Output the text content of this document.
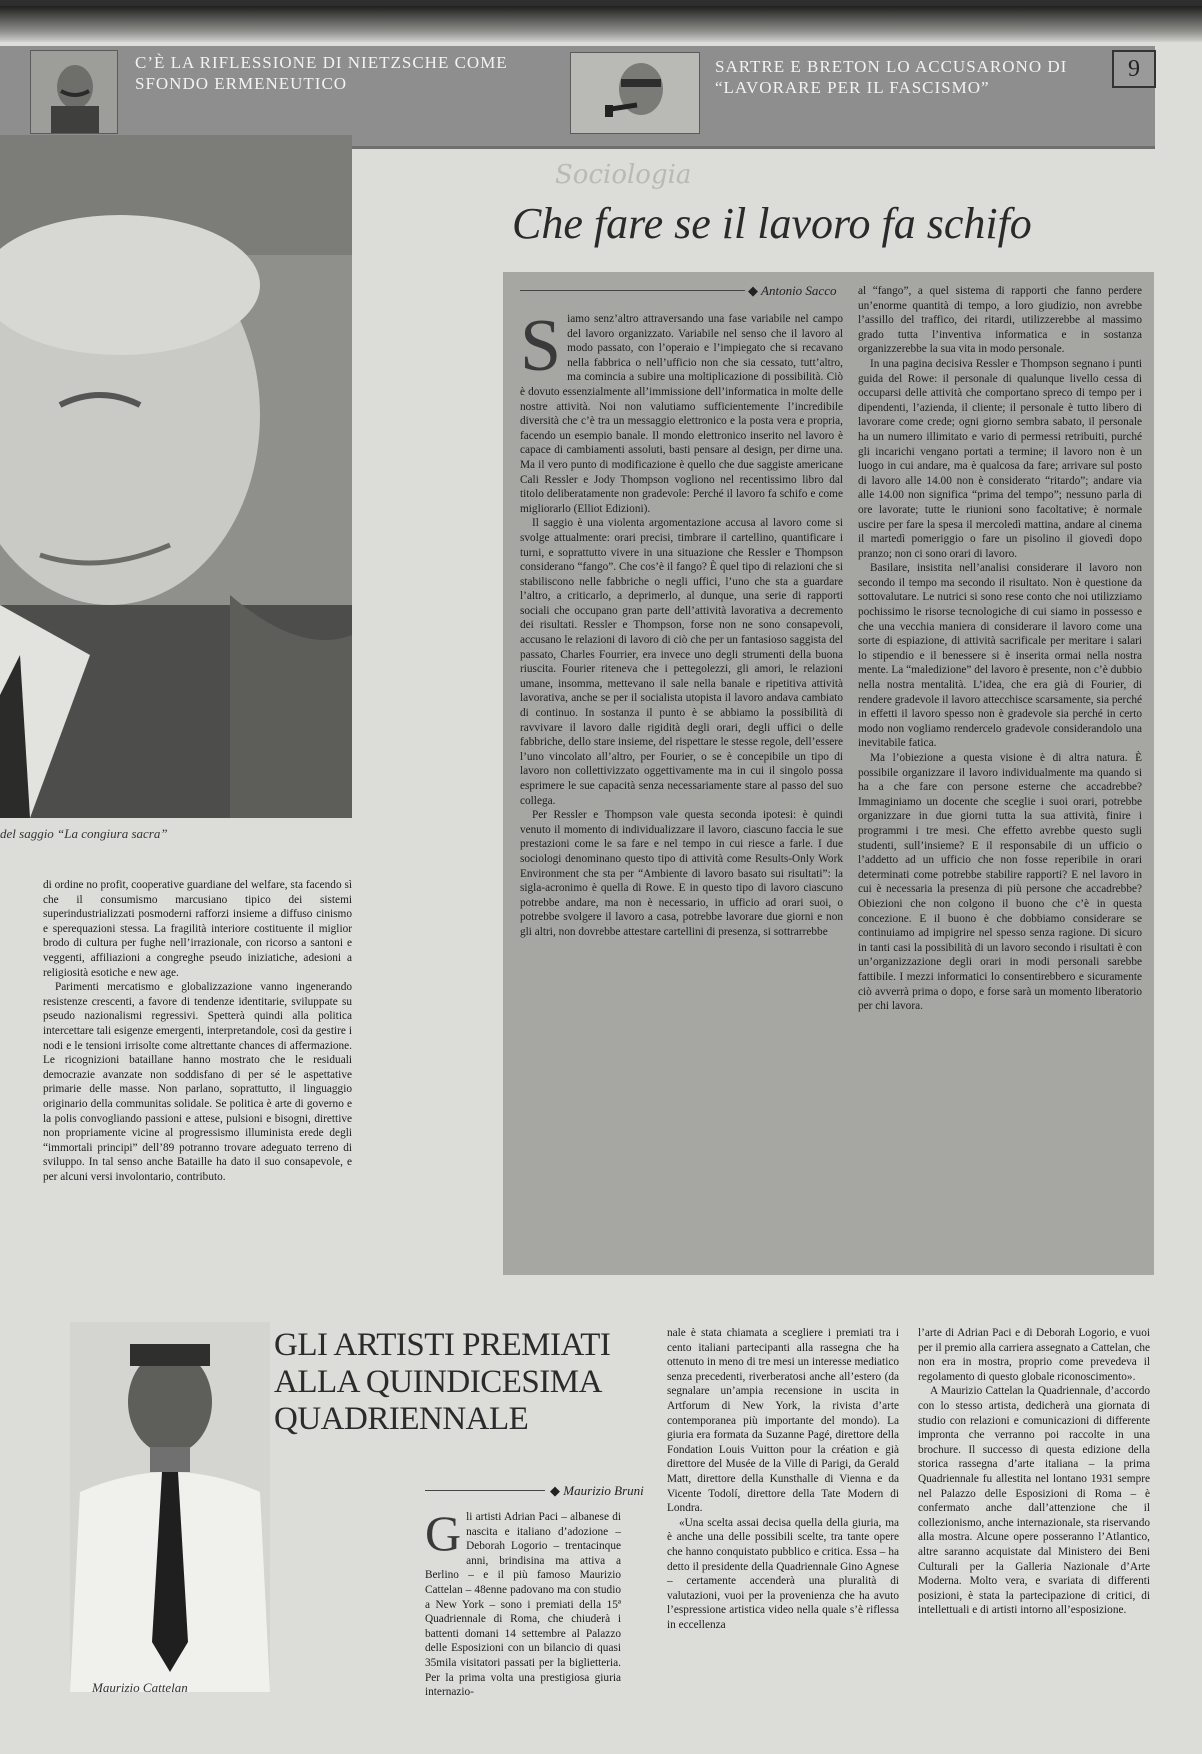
C’È LA RIFLESSIONE DI NIETZSCHE COME SFONDO ERMENEUTICO
SARTRE E BRETON LO ACCUSARONO DI “LAVORARE PER IL FASCISMO”
9
del saggio “La congiura sacra”

di ordine no profit, cooperative guardiane del welfare, sta facendo sì che il consumismo marcusiano tipico dei sistemi superindustrializzati posmoderni rafforzi insieme a diffuso cinismo e sperequazioni stessa. La fragilità interiore costituente il miglior brodo di cultura per fughe nell’irrazionale, con ricorso a santoni e veggenti, affiliazioni a congreghe pseudo iniziatiche, adesioni a religiosità esotiche e new age.

Parimenti mercatismo e globalizzazione vanno ingenerando resistenze crescenti, a favore di tendenze identitarie, sviluppate su pseudo nazionalismi regressivi. Spetterà quindi alla politica intercettare tali esigenze emergenti, interpretandole, così da gestire i nodi e le tensioni irrisolte come altrettante chances di affermazione. Le ricognizioni bataillane hanno mostrato che le residuali democrazie avanzate non soddisfano di per sé le aspettative primarie delle masse. Non parlano, soprattutto, il linguaggio originario della communitas solidale. Se politica è arte di governo e la polis convogliando passioni e attese, pulsioni e bisogni, direttive non propriamente vicine al progressismo illuminista erede degli “immortali principi” dell’89 potranno trovare adeguato terreno di sviluppo. In tal senso anche Bataille ha dato il suo consapevole, e per alcuni versi involontario, contributo.

Sociologia
Che fare se il lavoro fa schifo
◆ Antonio Sacco

Siamo senz’altro attraversando una fase variabile nel campo del lavoro organizzato. Variabile nel senso che il lavoro al modo passato, con l’operaio e l’impiegato che si recavano nella fabbrica o nell’ufficio non che sia cessato, tutt’altro, ma comincia a subire una moltiplicazione di possibilità. Ciò è dovuto essenzialmente all’immissione dell’informatica in molte delle nostre attività. Noi non valutiamo sufficientemente l’incredibile diversità che c’è tra un messaggio elettronico e la posta vera e propria, facendo un esempio banale. Il mondo elettronico inserito nel lavoro è capace di cambiamenti assoluti, basti pensare al design, per dirne una. Ma il vero punto di modificazione è quello che due saggiste americane Cali Ressler e Jody Thompson vogliono nel recentissimo libro dal titolo deliberatamente non gradevole: Perché il lavoro fa schifo e come migliorarlo (Elliot Edizioni).

Il saggio è una violenta argomentazione accusa al lavoro come si svolge attualmente: orari precisi, timbrare il cartellino, quantificare i turni, e soprattutto vivere in una situazione che Ressler e Thompson considerano “fango”. Che cos’è il fango? È quel tipo di relazioni che si stabiliscono nelle fabbriche o negli uffici, l’uno che sta a guardare l’altro, a criticarlo, a deprimerlo, al dunque, una serie di rapporti sociali che occupano gran parte dell’attività lavorativa a decremento dei risultati. Ressler e Thompson, forse non ne sono consapevoli, accusano le relazioni di lavoro di ciò che per un fantasioso saggista del passato, Charles Fourrier, era invece uno degli strumenti della buona riuscita. Fourier riteneva che i pettegolezzi, gli amori, le relazioni umane, insomma, mettevano il sale nella banale e ripetitiva attività lavorativa, anche se per il socialista utopista il lavoro andava cambiato di continuo. In sostanza il punto è se abbiamo la possibilità di ravvivare il lavoro dalle rigidità degli orari, degli uffici o delle fabbriche, dello stare insieme, del rispettare le stesse regole, dell’essere l’uno vincolato all’altro, per Fourier, o se è concepibile un tipo di lavoro non collettivizzato oggettivamente ma in cui il singolo possa esprimere le sue capacità senza necessariamente stare al passo del suo collega.

Per Ressler e Thompson vale questa seconda ipotesi: è quindi venuto il momento di individualizzare il lavoro, ciascuno faccia le sue prestazioni come le sa fare e nel tempo in cui riesce a farle. I due sociologi denominano questo tipo di attività come Results-Only Work Environment che sta per “Ambiente di lavoro basato sui risultati”: la sigla-acronimo è quella di Rowe. E in questo tipo di lavoro ciascuno potrebbe andare, ma non è necessario, in ufficio ad orari suoi, o potrebbe svolgere il lavoro a casa, potrebbe lavorare due giorni e non gli altri, non dovrebbe attestare cartellini di presenza, si sottrarrebbe

al “fango”, a quel sistema di rapporti che fanno perdere un’enorme quantità di tempo, a loro giudizio, non avrebbe l’assillo del traffico, dei ritardi, utilizzerebbe al massimo grado tutta l’inventiva informatica e in sostanza organizzerebbe la sua vita in modo personale.

In una pagina decisiva Ressler e Thompson segnano i punti guida del Rowe: il personale di qualunque livello cessa di occuparsi delle attività che comportano spreco di tempo per i dipendenti, l’azienda, il cliente; il personale è tutto libero di lavorare come crede; ogni giorno sembra sabato, il personale ha un numero illimitato e vario di permessi retribuiti, purché gli incarichi vengano portati a termine; il lavoro non è un luogo in cui andare, ma è qualcosa da fare; arrivare sul posto di lavoro alle 14.00 non è considerato “ritardo”; andare via alle 14.00 non significa “prima del tempo”; nessuno parla di ore lavorate; tutte le riunioni sono facoltative; è normale uscire per fare la spesa il mercoledì mattina, andare al cinema il martedì pomeriggio o fare un pisolino il giovedì dopo pranzo; non ci sono orari di lavoro.

Basilare, insistita nell’analisi considerare il lavoro non secondo il tempo ma secondo il risultato. Non è questione da sottovalutare. Le nutrici si sono rese conto che noi utilizziamo pochissimo le risorse tecnologiche di cui siamo in possesso e che una vecchia maniera di considerare il lavoro come una sorte di espiazione, di attività sacrificale per meritare i salari lo stipendio e il benessere si è inserita ormai nella nostra mente. La “maledizione” del lavoro è presente, non c’è dubbio nella nostra mentalità. L’idea, che era già di Fourier, di rendere gradevole il lavoro attecchisce scarsamente, sia perché in effetti il lavoro spesso non è gradevole sia perché in certo modo non vogliamo rendercelo gradevole considerandolo una inevitabile fatica.

Ma l’obiezione a questa visione è di altra natura. È possibile organizzare il lavoro individualmente ma quando si ha a che fare con persone esterne che accadrebbe? Immaginiamo un docente che sceglie i suoi orari, potrebbe organizzare in due giorni tutta la sua attività, finire i programmi i tre mesi. Che effetto avrebbe questo sugli studenti, sull’insieme? E il responsabile di un ufficio o l’addetto ad un ufficio che non fosse reperibile in orari determinati come potrebbe stabilire rapporti? E nel lavoro in cui è necessaria la presenza di più persone che accadrebbe? Obiezioni che non colgono il buono che c’è in questa concezione. E il buono è che dobbiamo considerare se continuiamo ad impigrire nel spesso senza ragione. Di sicuro in tanti casi la possibilità di un lavoro secondo i risultati è con un’organizzazione degli orari in modi personali sarebbe fattibile. I mezzi informatici lo consentirebbero e sicuramente ciò avverrà prima o dopo, e forse sarà un momento liberatorio per chi lavora.

Maurizio Cattelan
GLI ARTISTI PREMIATI ALLA QUINDICESIMA QUADRIENNALE
◆ Maurizio Bruni

Gli artisti Adrian Paci – albanese di nascita e italiano d’adozione – Deborah Logorio – trentacinque anni, brindisina ma attiva a Berlino – e il più famoso Maurizio Cattelan – 48enne padovano ma con studio a New York – sono i premiati della 15ª Quadriennale di Roma, che chiuderà i battenti domani 14 settembre al Palazzo delle Esposizioni con un bilancio di quasi 35mila visitatori passati per la biglietteria. Per la prima volta una prestigiosa giuria internazio-

nale è stata chiamata a scegliere i premiati tra i cento italiani partecipanti alla rassegna che ha ottenuto in meno di tre mesi un interesse mediatico senza precedenti, riverberatosi anche all’estero (da segnalare un’ampia recensione in uscita in Artforum di New York, la rivista d’arte contemporanea più importante del mondo). La giuria era formata da Suzanne Pagé, direttore della Fondation Louis Vuitton pour la création e già direttore del Musée de la Ville di Parigi, da Gerald Matt, direttore della Kunsthalle di Vienna e da Vicente Todolí, direttore della Tate Modern di Londra.

«Una scelta assai decisa quella della giuria, ma è anche una delle possibili scelte, tra tante opere che hanno conquistato pubblico e critica. Essa – ha detto il presidente della Quadriennale Gino Agnese – certamente accenderà una pluralità di valutazioni, vuoi per la provenienza che ha avuto l’espressione artistica video nella quale s’è riflessa in eccellenza

l’arte di Adrian Paci e di Deborah Logorio, e vuoi per il premio alla carriera assegnato a Cattelan, che non era in mostra, proprio come prevedeva il regolamento di questo globale riconoscimento».

A Maurizio Cattelan la Quadriennale, d’accordo con lo stesso artista, dedicherà una giornata di studio con relazioni e comunicazioni di differente impronta che verranno poi raccolte in una brochure. Il successo di questa edizione della storica rassegna d’arte italiana – la prima Quadriennale fu allestita nel lontano 1931 sempre nel Palazzo delle Esposizioni di Roma – è confermato anche dall’attenzione che il collezionismo, anche internazionale, sta riservando alla mostra. Alcune opere posseranno l’Atlantico, altre saranno acquistate dal Ministero dei Beni Culturali per la Galleria Nazionale d’Arte Moderna. Molto vera, e svariata di differenti posizioni, è stata la partecipazione di critici, di intellettuali e di artisti intorno all’esposizione.
